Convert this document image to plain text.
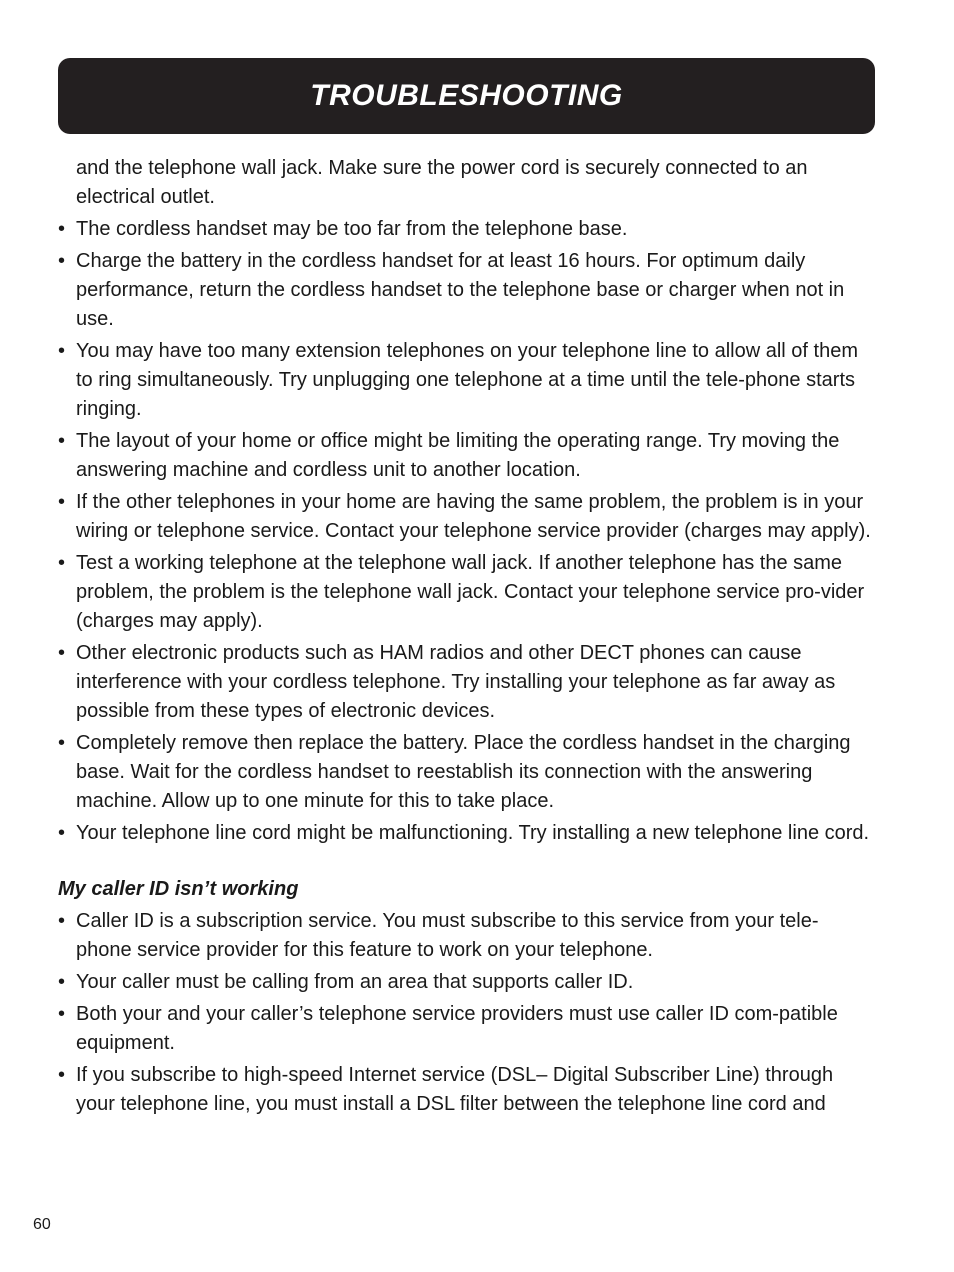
TROUBLESHOOTING

and the telephone wall jack. Make sure the power cord is securely connected to an electrical outlet.

• The cordless handset may be too far from the telephone base.
• Charge the battery in the cordless handset for at least 16 hours. For optimum daily performance, return the cordless handset to the telephone base or charger when not in use.
• You may have too many extension telephones on your telephone line to allow all of them to ring simultaneously. Try unplugging one telephone at a time until the tele-phone starts ringing.
• The layout of your home or office might be limiting the operating range. Try moving the answering machine and cordless unit to another location.
• If the other telephones in your home are having the same problem, the problem is in your wiring or telephone service. Contact your telephone service provider (charges may apply).
• Test a working telephone at the telephone wall jack. If another telephone has the same problem, the problem is the telephone wall jack. Contact your telephone service pro-vider (charges may apply).
• Other electronic products such as HAM radios and other DECT phones can cause interference with your cordless telephone. Try installing your telephone as far away as possible from these types of electronic devices.
• Completely remove then replace the battery. Place the cordless handset in the charging base. Wait for the cordless handset to reestablish its connection with the answering machine. Allow up to one minute for this to take place.
• Your telephone line cord might be malfunctioning. Try installing a new telephone line cord.
My caller ID isn’t working
• Caller ID is a subscription service. You must subscribe to this service from your tele-phone service provider for this feature to work on your telephone.
• Your caller must be calling from an area that supports caller ID.
• Both your and your caller’s telephone service providers must use caller ID com-patible equipment.
• If you subscribe to high-speed Internet service (DSL– Digital Subscriber Line) through your telephone line, you must install a DSL filter between the telephone line cord and
60
